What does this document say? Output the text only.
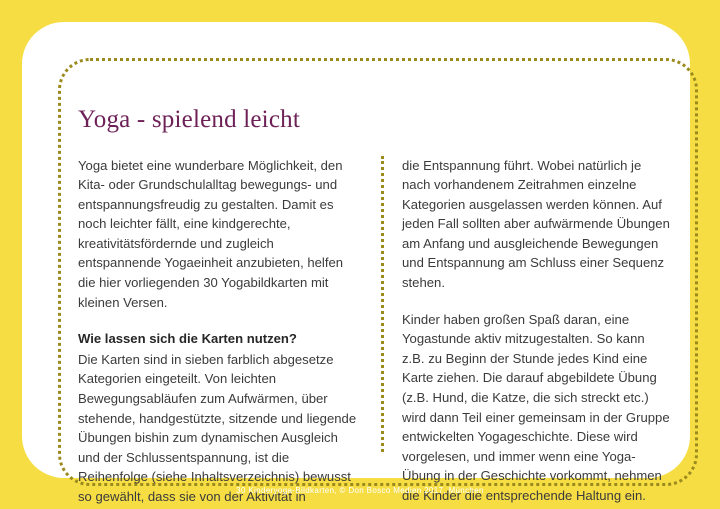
Yoga - spielend leicht

Yoga bietet eine wunderbare Möglichkeit, den Kita- oder Grundschulalltag bewegungs- und entspannungsfreudig zu gestalten. Damit es noch leichter fällt, eine kindgerechte, kreativitätsfördernde und zugleich entspannende Yogaeinheit anzubieten, helfen die hier vorliegenden 30 Yogabildkarten mit kleinen Versen.

Wie lassen sich die Karten nutzen?

Die Karten sind in sieben farblich abgesetze Kategorien eingeteilt. Von leichten Bewegungsabläufen zum Aufwärmen, über stehende, handgestützte, sitzende und liegende Übungen bishin zum dynamischen Ausgleich und der Schlussentspannung, ist die Reihenfolge (siehe Inhaltsverzeichnis) bewusst so gewählt, dass sie von der Aktivität in

die Entspannung führt. Wobei natürlich je nach vorhandenem Zeitrahmen einzelne Kategorien ausgelassen werden können. Auf jeden Fall sollten aber aufwärmende Übungen am Anfang und ausgleichende Bewegungen und Entspannung am Schluss einer Sequenz stehen.

Kinder haben großen Spaß daran, eine Yogastunde aktiv mitzugestalten. So kann z.B. zu Beginn der Stunde jedes Kind eine Karte ziehen. Die darauf abgebildete Übung (z.B. Hund, die Katze, die sich streckt etc.) wird dann Teil einer gemeinsam in der Gruppe entwickelten Yogageschichte. Diese wird vorgelesen, und immer wenn eine Yoga-Übung in der Geschichte vorkommt, nehmen die Kinder die entsprechende Haltung ein.

30 Kinderyoga-Bildkarten, © Don Bosco Medien 2017, München
